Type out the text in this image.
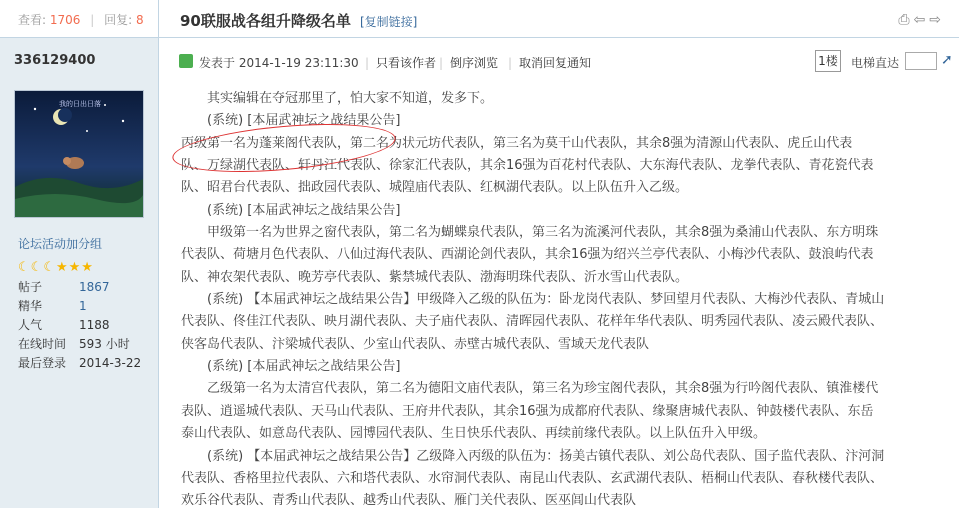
查看: 1706 | 回复: 8
336129400
我的日出日落
论坛活动加分组
☾☾☾★★★
帖子	1867
精华	1
人气	1188
在线时间 593 小时
最后登录 2014-3-22
90联服战各组升降级名单 [复制链接]	⎙⇦⇨
发表于 2014-1-19 23:11:30	| 只看该作者	| 倒序浏览	| 取消回复通知	1楼 电梯直达	➚

其实编辑在夺冠那里了，怕大家不知道，发多下。

(系统) [本届武神坛之战结果公告]

丙级第一名为蓬莱阁代表队，第二名为状元坊代表队，第三名为莫干山代表队，其余8强为清源山代表队、虎丘山代表

队、万绿湖代表队、轩丹江代表队、徐家汇代表队，其余16强为百花村代表队、大东海代表队、龙拳代表队、青花瓷代表

队、昭君台代表队、拙政园代表队、城隍庙代表队、红枫湖代表队。以上队伍升入乙级。

(系统) [本届武神坛之战结果公告]

甲级第一名为世界之窗代表队，第二名为蝴蝶泉代表队，第三名为流溪河代表队，其余8强为桑浦山代表队、东方明珠

代表队、荷塘月色代表队、八仙过海代表队、西湖论剑代表队，其余16强为绍兴兰亭代表队、小梅沙代表队、鼓浪屿代表

队、神农架代表队、晚芳亭代表队、紫禁城代表队、渤海明珠代表队、沂水雪山代表队。

(系统) 【本届武神坛之战结果公告】甲级降入乙级的队伍为：卧龙岗代表队、梦回望月代表队、大梅沙代表队、青城山

代表队、佟佳江代表队、映月湖代表队、夫子庙代表队、清晖园代表队、花样年华代表队、明秀园代表队、凌云殿代表队、

侠客岛代表队、汴梁城代表队、少室山代表队、赤壁古城代表队、雪域天龙代表队

(系统) [本届武神坛之战结果公告]

乙级第一名为太清宫代表队，第二名为德阳文庙代表队，第三名为珍宝阁代表队，其余8强为行吟阁代表队、镇淮楼代

表队、逍遥城代表队、天马山代表队、王府井代表队，其余16强为成都府代表队、缘聚唐城代表队、钟鼓楼代表队、东岳

泰山代表队、如意岛代表队、园博园代表队、生日快乐代表队、再续前缘代表队。以上队伍升入甲级。

(系统) 【本届武神坛之战结果公告】乙级降入丙级的队伍为：扬美古镇代表队、刘公岛代表队、国子监代表队、汴河洞

代表队、香格里拉代表队、六和塔代表队、水帘洞代表队、南昆山代表队、玄武湖代表队、梧桐山代表队、春秋楼代表队、

欢乐谷代表队、青秀山代表队、越秀山代表队、雁门关代表队、医巫闾山代表队
